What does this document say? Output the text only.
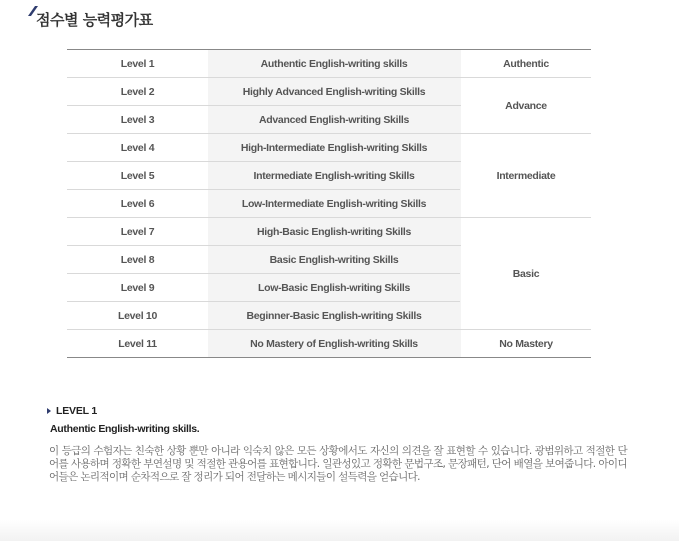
점수별 능력평가표
Level 1	Authentic English-writing skills	Authentic
Level 2	Highly Advanced English-writing Skills	Advance
Level 3	Advanced English-writing Skills	
Level 4	High-Intermediate English-writing Skills	Intermediate
Level 5	Intermediate English-writing Skills	
Level 6	Low-Intermediate English-writing Skills	
Level 7	High-Basic English-writing Skills	Basic
Level 8	Basic English-writing Skills	
Level 9	Low-Basic English-writing Skills	
Level 10	Beginner-Basic English-writing Skills	
Level 11	No Mastery of English-writing Skills	No Mastery
LEVEL 1
Authentic English-writing skills.
이 등급의 수험자는 친숙한 상황 뿐만 아니라 익숙치 않은 모든 상황에서도 자신의 의견을 잘 표현할 수 있습니다. 광범위하고 적절한 단어를 사용하며 정확한 부연설명 및 적절한 관용어를 표현합니다. 일관성있고 정확한 문법구조, 문장패턴, 단어 배열을 보여줍니다. 아이디어들은 논리적이며 순차적으로 잘 정리가 되어 전달하는 메시지들이 설득력을 얻습니다.
